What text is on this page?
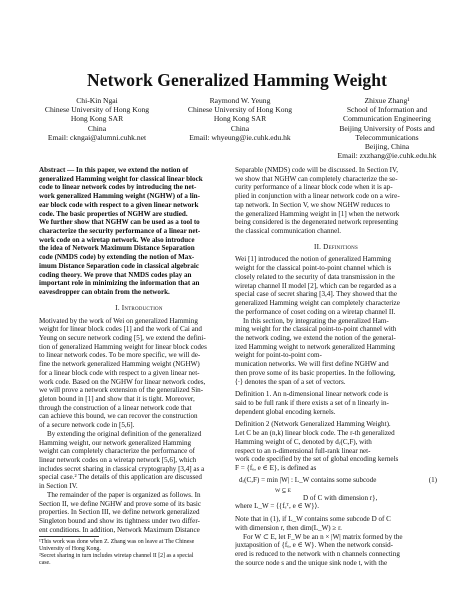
Network Generalized Hamming Weight
Chi-Kin Ngai
Chinese University of Hong Kong
Hong Kong SAR
China
Email: ckngai@alumni.cuhk.net
Raymond W. Yeung
Chinese University of Hong Kong
Hong Kong SAR
China
Email: whyeung@ie.cuhk.edu.hk
Zhixue Zhang¹
School of Information and
Communication Engineering
Beijing University of Posts and
Telecommunications
Beijing, China
Email: zxzhang@ie.cuhk.edu.hk
Abstract — In this paper, we extend the notion of
generalized Hamming weight for classical linear block
code to linear network codes by introducing the net-
work generalized Hamming weight (NGHW) of a lin-
ear block code with respect to a given linear network
code. The basic properties of NGHW are studied.
We further show that NGHW can be used as a tool to
characterize the security performance of a linear net-
work code on a wiretap network. We also introduce
the idea of Network Maximum Distance Separation
code (NMDS code) by extending the notion of Max-
imum Distance Separation code in classical algebraic
coding theory. We prove that NMDS codes play an
important role in minimizing the information that an
eavesdropper can obtain from the network.
I. Introduction
Motivated by the work of Wei on generalized Hamming
weight for linear block codes [1] and the work of Cai and
Yeung on secure network coding [5], we extend the defini-
tion of generalized Hamming weight for linear block codes
to linear network codes. To be more specific, we will de-
fine the network generalized Hamming weight (NGHW)
for a linear block code with respect to a given linear net-
work code. Based on the NGHW for linear network codes,
we will prove a network extension of the generalized Sin-
gleton bound in [1] and show that it is tight. Moreover,
through the construction of a linear network code that
can achieve this bound, we can recover the construction
of a secure network code in [5,6].
By extending the original definition of the generalized
Hamming weight, our network generalized Hamming
weight can completely characterize the performance of
linear network codes on a wiretap network [5,6], which
includes secret sharing in classical cryptography [3,4] as a
special case.² The details of this application are discussed
in Section IV.
The remainder of the paper is organized as follows. In
Section II, we define NGHW and prove some of its basic
properties. In Section III, we define network generalized
Singleton bound and show its tightness under two differ-
ent conditions. In addition, Network Maximum Distance
¹This work was done when Z. Zhang was on leave at The Chinese
University of Hong Kong.
²Secret sharing in turn includes wiretap channel II [2] as a special
case.
Separable (NMDS) code will be discussed. In Section IV,
we show that NGHW can completely characterize the se-
curity performance of a linear block code when it is ap-
plied in conjunction with a linear network code on a wire-
tap network. In Section V, we show NGHW reduces to
the generalized Hamming weight in [1] when the network
being considered is the degenerated network representing
the classical communication channel.
II. Definitions
Wei [1] introduced the notion of generalized Hamming
weight for the classical point-to-point channel which is
closely related to the security of data transmission in the
wiretap channel II model [2], which can be regarded as a
special case of secret sharing [3,4]. They showed that the
generalized Hamming weight can completely characterize
the performance of coset coding on a wiretap channel II.
In this section, by integrating the generalized Ham-
ming weight for the classical point-to-point channel with
the network coding, we extend the notion of the general-
ized Hamming weight to network generalized Hamming
weight for point-to-point com-
munication networks. We will first define NGHW and
then prove some of its basic properties. In the following,
⟨·⟩ denotes the span of a set of vectors.
Definition 1. An n-dimensional linear network code is
said to be full rank if there exists a set of n linearly in-
dependent global encoding kernels.
Definition 2 (Network Generalized Hamming Weight).
Let C be an (n,k) linear block code. The r-th generalized
Hamming weight of C, denoted by dᵣ(C,F), with
respect to an n-dimensional full-rank linear net-
work code specified by the set of global encoding kernels
F = {fₑ, e ∈ E}, is defined as
dᵣ(C,F) = min |W| : L_W contains some subcode	(1)
W ⊆ E
D of C with dimension r},
where L_W = ⟨{fₑᵀ, e ∈ W}⟩.
Note that in (1), if L_W contains some subcode D of C
with dimension r, then dim(L_W) ≥ r.
For W ⊂ E, let F_W be an n × |W| matrix formed by the
juxtaposition of {fₑ, e ∈ W}. When the network consid-
ered is reduced to the network with n channels connecting
the source node s and the unique sink node t, with the
